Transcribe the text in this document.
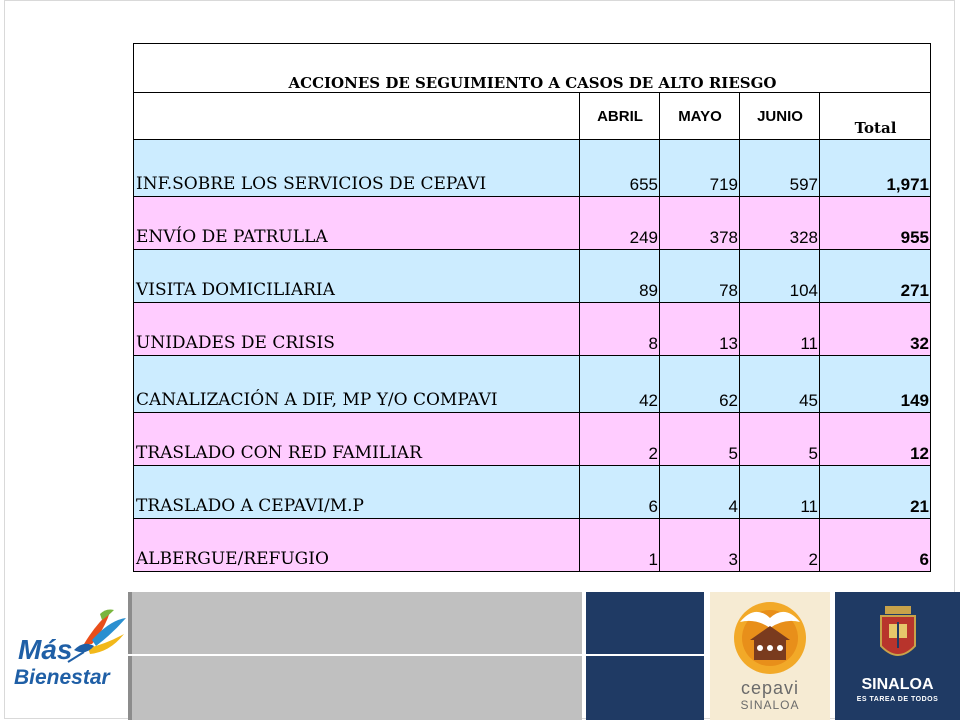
ACCIONES DE SEGUIMIENTO A CASOS DE ALTO RIESGO				
	ABRIL	MAYO	JUNIO	Total
INF.SOBRE LOS SERVICIOS DE CEPAVI	655	719	597	1,971
ENVÍO DE PATRULLA	249	378	328	955
VISITA DOMICILIARIA	89	78	104	271
UNIDADES DE CRISIS	8	13	11	32
CANALIZACIÓN A DIF, MP Y/O COMPAVI	42	62	45	149
TRASLADO CON RED FAMILIAR	2	5	5	12
TRASLADO A CEPAVI/M.P	6	4	11	21
ALBERGUE/REFUGIO	1	3	2	6
Más
Bienestar	cepavi
SINALOA
SINALOA
ES TAREA DE TODOS
